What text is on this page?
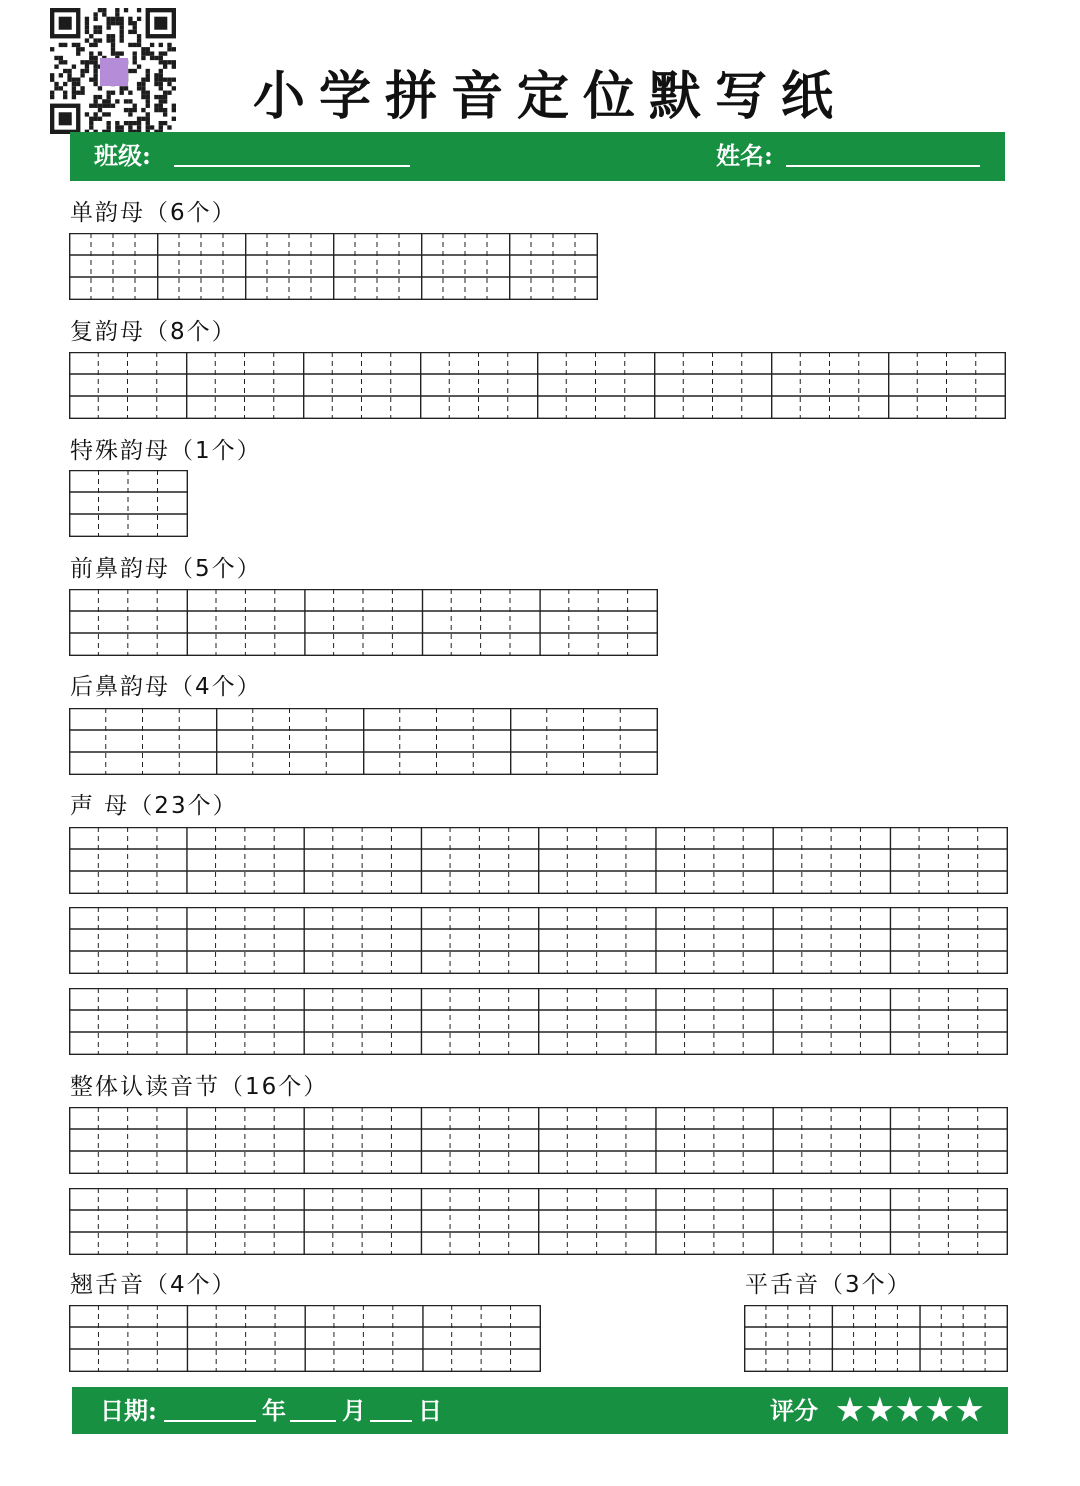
小学拼音定位默写纸
班级:	姓名:
单韵母（6个）
复韵母（8个）
特殊韵母（1个）
前鼻韵母（5个）
后鼻韵母（4个）
声 母（23个）
整体认读音节（16个）
翘舌音（4个）	平舌音（3个）
日期:	年 月 日	评分 ★★★★★
